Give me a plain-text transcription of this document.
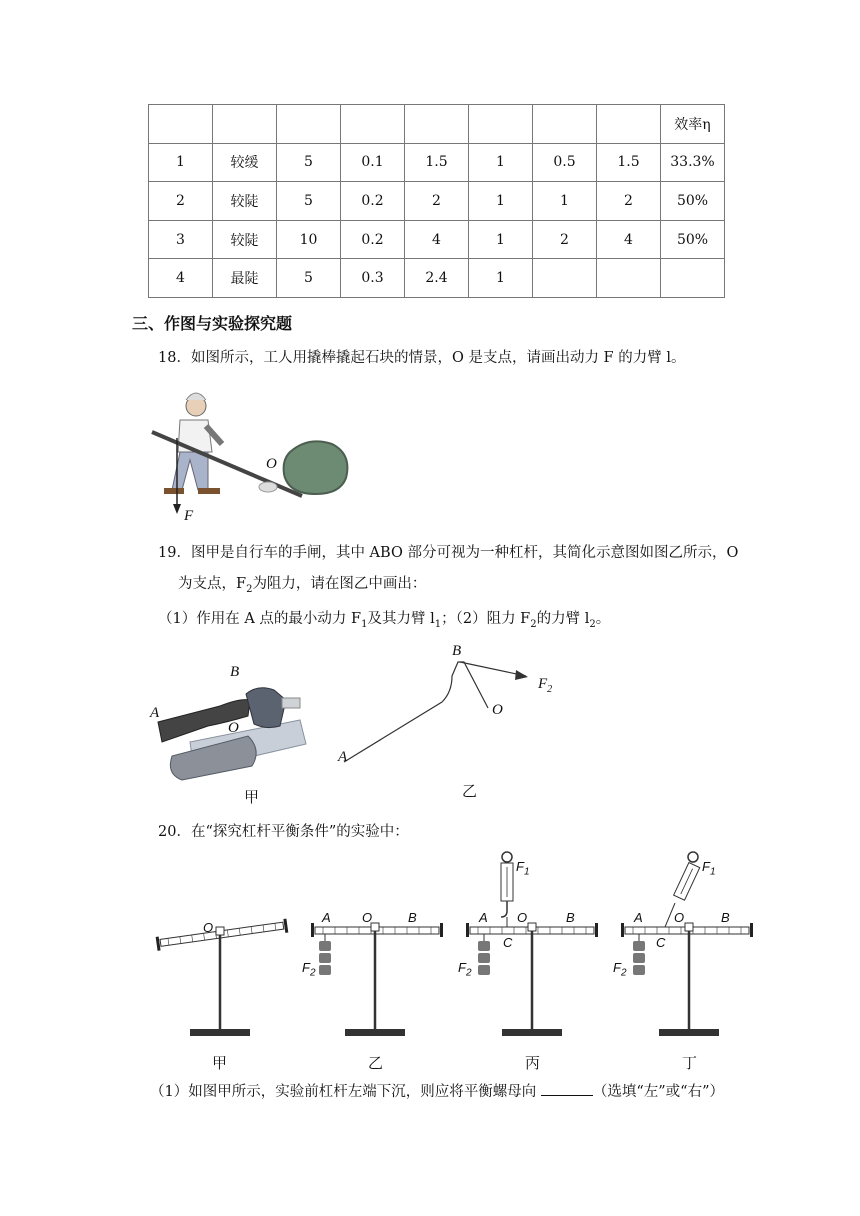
								效率η
1	较缓	5	0.1	1.5	1	0.5	1.5	33.3%
2	较陡	5	0.2	2	1	1	2	50%
3	较陡	10	0.2	4	1	2	4	50%
4	最陡	5	0.3	2.4	1			
三、作图与实验探究题
18．如图所示，工人用撬棒撬起石块的情景，O 是支点，请画出动力 F 的力臂 l。
O
F
19．图甲是自行车的手闸，其中 ABO 部分可视为一种杠杆，其简化示意图如图乙所示，O
为支点，$F_2$为阻力，请在图乙中画出：
（1）作用在 A 点的最小动力 $F_1$及其力臂 $l_1$；（2）阻力 $F_2$的力臂 $l_2$。
B
A
O
甲
B
O
A
$F_2$
乙
20．在“探究杠杆平衡条件”的实验中：
O
甲
A O	B
$F_2$
乙
$F_1$
A O	B
C
$F_2$
丙
$F_1$
A O	B
C
$F_2$
丁
（1）如图甲所示，实验前杠杆左端下沉，则应将平衡螺母向	（选填“左”或“右”）
